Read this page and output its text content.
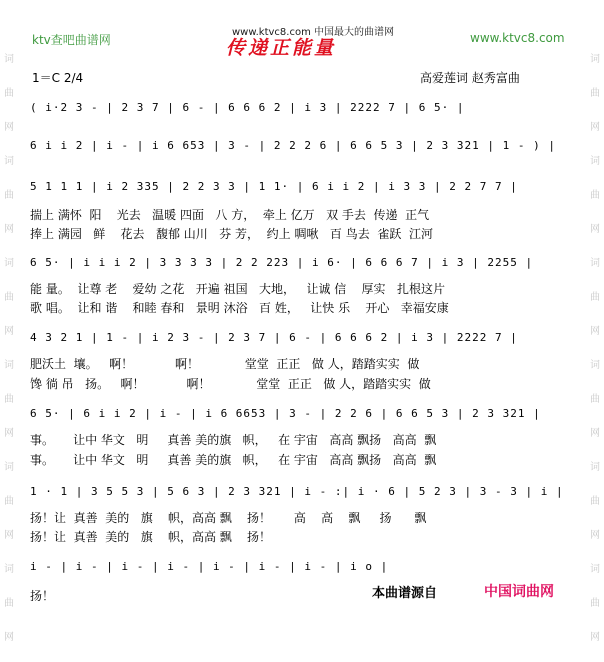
词
曲
网
词
曲
网
词
曲
网
词
曲
网
词
曲
网
词
曲
网
词
曲
网
词
曲
网
词
曲
网
词
曲
网
词
曲
网
词
曲
网
ktv查吧曲谱网
www.ktvc8.com 中国最大的曲谱网	www.ktvc8.com
传递正能量
1＝C 2/4	高爱莲词 赵秀富曲
( i·2 3 - | 2 3 7 | 6 - | 6 6 6 2 | i 3 | 2222 7 | 6 5· |
6 i i 2 | i - | i 6 653 | 3 - | 2 2 2 6 | 6 6 5 3 | 2 3 321 | 1 - ) |
5 1 1 1 | i 2 335 | 2 2 3 3 | 1 1· | 6 i i 2 | i 3 3 | 2 2 7 7 |
揣上 满怀  阳    光去   温暖 四面   八 方，  牵上 亿万   双 手去  传递  正气
捧上 满园   鲜    花去   馥郁 山川   芬 芳，  约上 啁啾   百 鸟去  雀跃  江河
6 5· | i i i 2 | 3 3 3 3 | 2 2 223 | i 6· | 6 6 6 7 | i 3 | 2255 |
能 量。  让尊 老    爱幼 之花   开遍 祖国   大地，   让诚 信    厚实   扎根这片
歌 唱。  让和 谐    和睦 春和   景明 沐浴   百 姓，   让快 乐    开心   幸福安康
4 3 2 1 | 1 - | i 2 3 - | 2 3 7 | 6 - | 6 6 6 2 | i 3 | 2222 7 |
肥沃土  壤。   啊！           啊！            堂堂  正正   做 人，踏踏实实  做
馋 徜 吊   扬。   啊！           啊！            堂堂  正正   做 人，踏踏实实  做
6 5· | 6 i i 2 | i - | i 6 6653 | 3 - | 2 2 6 | 6 6 5 3 | 2 3 321 |
事。     让中 华文   明     真善 美的旗   帜，   在 宇宙   高高 飘扬   高高  飘
事。     让中 华文   明     真善 美的旗   帜，   在 宇宙   高高 飘扬   高高  飘
1 · 1 | 3 5 5 3 | 5 6 3 | 2 3 321 | i - :| i · 6 | 5 2 3 | 3 - 3 | i |
扬！让  真善  美的   旗    帜，高高 飘    扬！      高    高    飘     扬      飘
扬！让  真善  美的   旗    帜，高高 飘    扬！
i - | i - | i - | i - | i - | i - | i - | i o |
扬！	本曲谱源自	中国词曲网
